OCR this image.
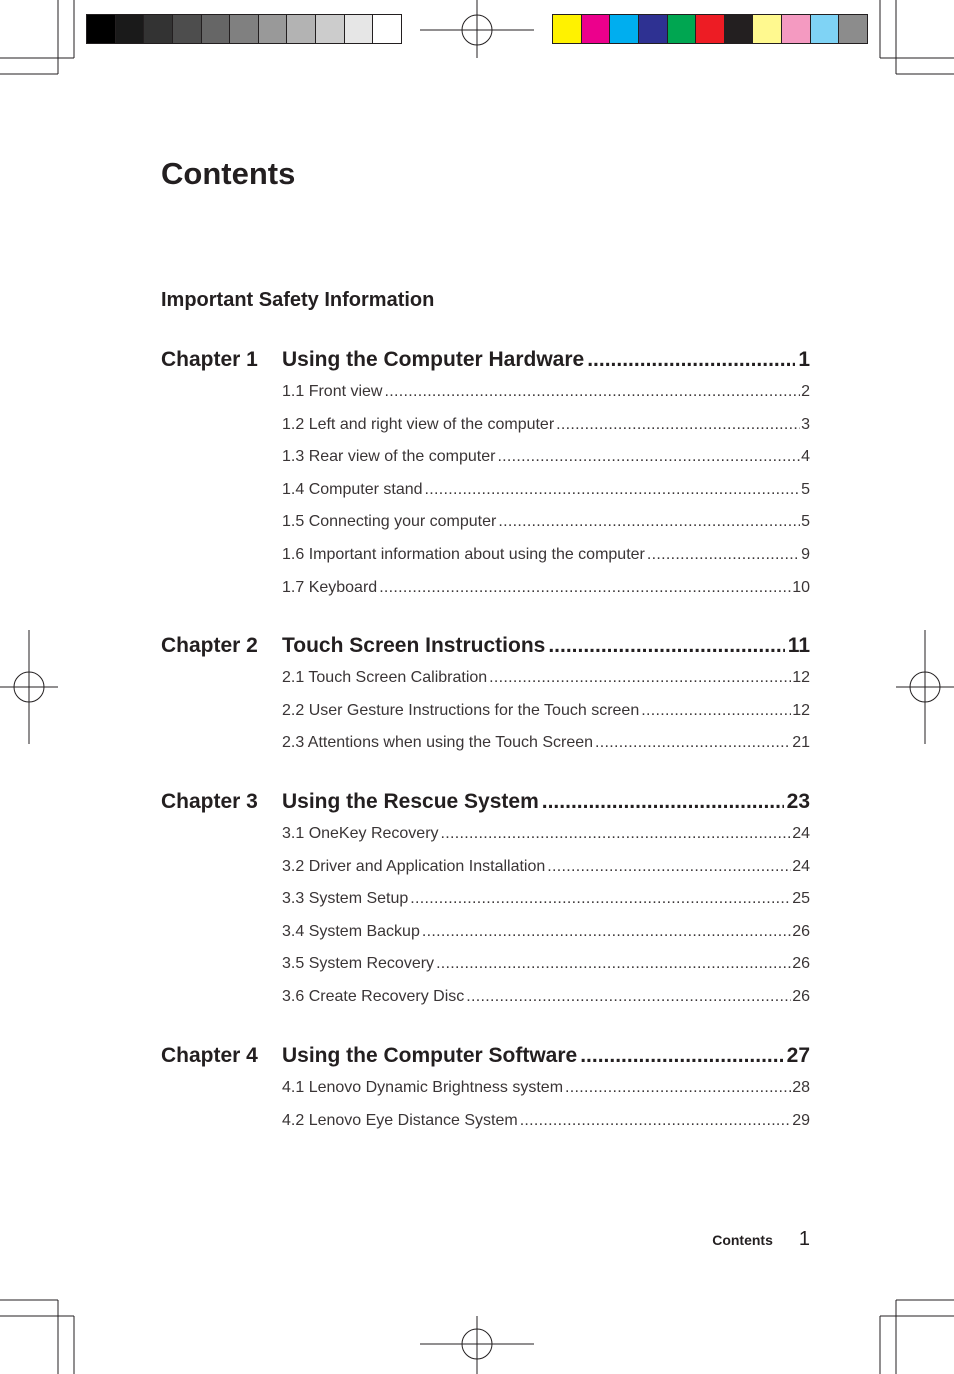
Contents
Important Safety Information
Chapter 1 Using the Computer Hardware .....	1
1.1 Front view .....	2
1.2 Left and right view of the computer .....	3
1.3 Rear view of the computer .....	4
1.4 Computer stand .....	5
1.5 Connecting your computer .....	5
1.6 Important information about using the computer .....	9
1.7 Keyboard .....	10
Chapter 2 Touch Screen Instructions .....	11
2.1 Touch Screen Calibration .....	12
2.2 User Gesture Instructions for the Touch screen .....	12
2.3 Attentions when using the Touch Screen .....	21
Chapter 3 Using the Rescue System .....	23
3.1 OneKey Recovery .....	24
3.2 Driver and Application Installation .....	24
3.3 System Setup .....	25
3.4 System Backup .....	26
3.5 System Recovery .....	26
3.6 Create Recovery Disc .....	26
Chapter 4 Using the Computer Software .....	27
4.1 Lenovo Dynamic Brightness system .....	28
4.2 Lenovo Eye Distance System .....	29
Contents 1
